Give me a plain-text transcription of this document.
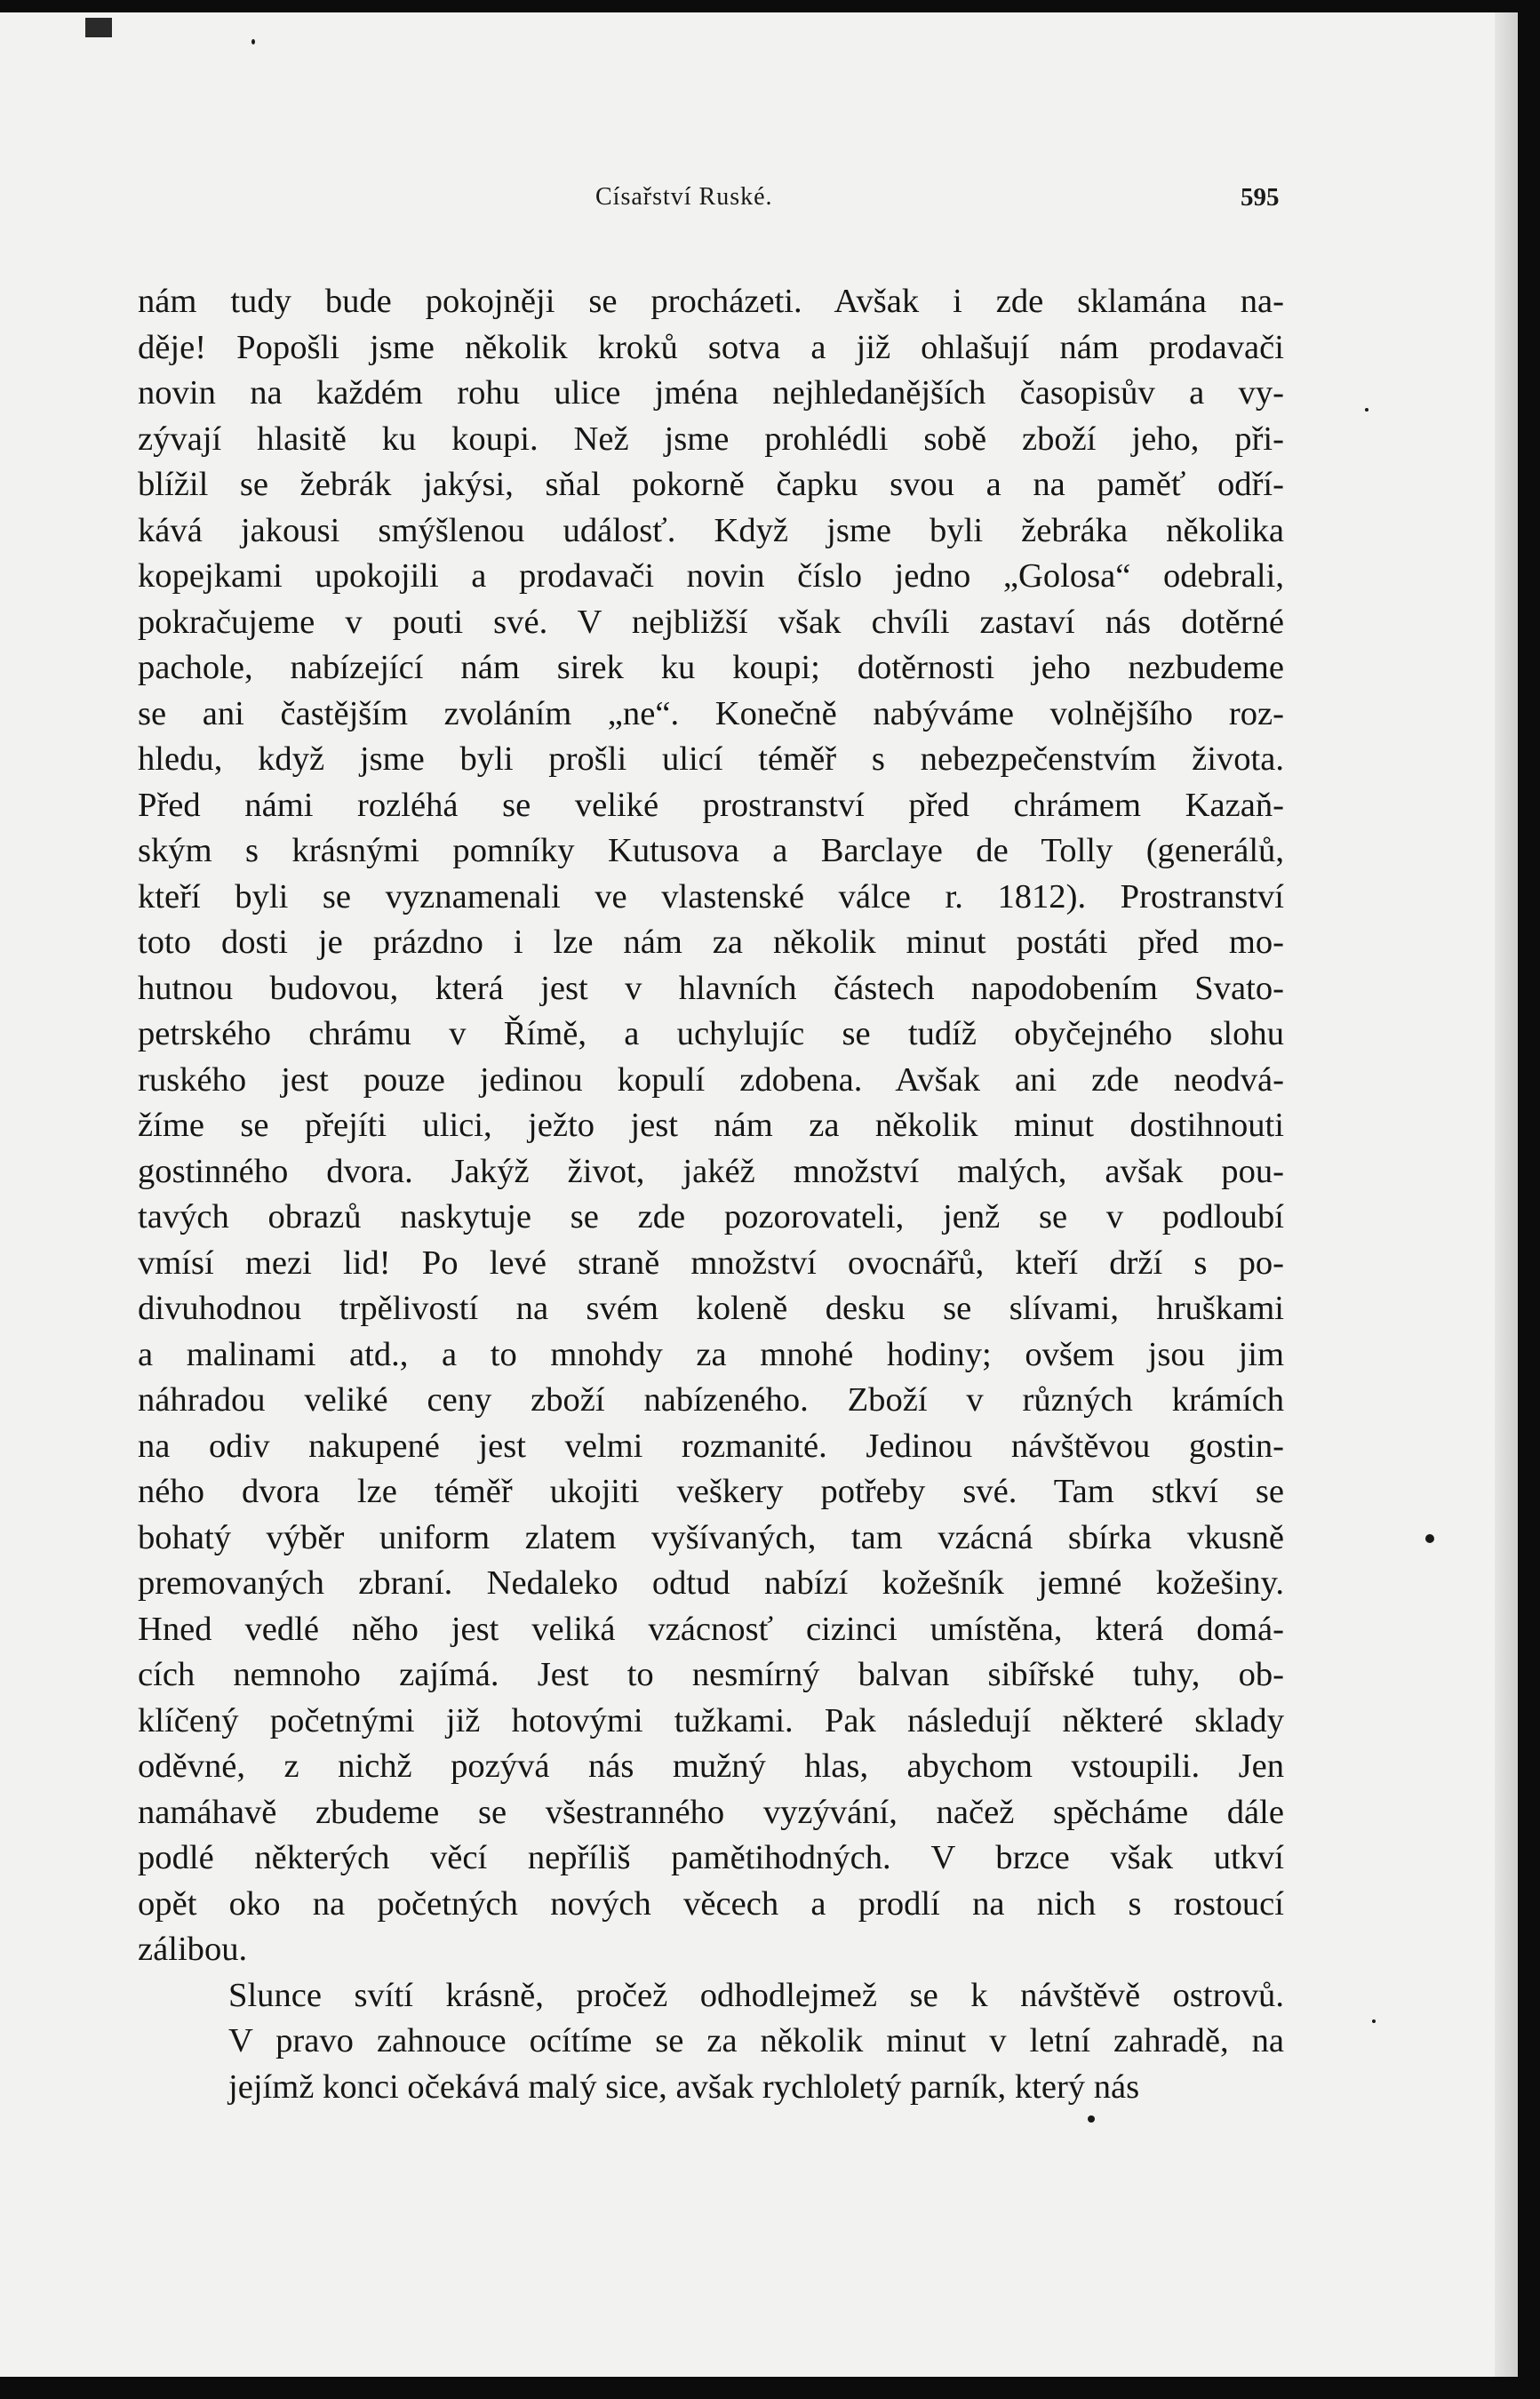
Císařství Ruské.	595

nám tudy bude pokojněji se procházeti. Avšak i zde sklamána na-
děje! Popošli jsme několik kroků sotva a již ohlašují nám prodavači
novin na každém rohu ulice jména nejhledanějších časopisův a vy-
zývají hlasitě ku koupi. Než jsme prohlédli sobě zboží jeho, při-
blížil se žebrák jakýsi, sňal pokorně čapku svou a na paměť odří-
kává jakousi smýšlenou událosť. Když jsme byli žebráka několika
kopejkami upokojili a prodavači novin číslo jedno „Golosa“ odebrali,
pokračujeme v pouti své. V nejbližší však chvíli zastaví nás dotěrné
pachole, nabízející nám sirek ku koupi; dotěrnosti jeho nezbudeme
se ani častějším zvoláním „ne“. Konečně nabýváme volnějšího roz-
hledu, když jsme byli prošli ulicí téměř s nebezpečenstvím života.
Před námi rozléhá se veliké prostranství před chrámem Kazaň-
ským s krásnými pomníky Kutusova a Barclaye de Tolly (generálů,
kteří byli se vyznamenali ve vlastenské válce r. 1812). Prostranství
toto dosti je prázdno i lze nám za několik minut postáti před mo-
hutnou budovou, která jest v hlavních částech napodobením Svato-
petrského chrámu v Římě, a uchylujíc se tudíž obyčejného slohu
ruského jest pouze jedinou kopulí zdobena. Avšak ani zde neodvá-
žíme se přejíti ulici, ježto jest nám za několik minut dostihnouti
gostinného dvora. Jakýž život, jakéž množství malých, avšak pou-
tavých obrazů naskytuje se zde pozorovateli, jenž se v podloubí
vmísí mezi lid! Po levé straně množství ovocnářů, kteří drží s po-
divuhodnou trpělivostí na svém koleně desku se slívami, hruškami
a malinami atd., a to mnohdy za mnohé hodiny; ovšem jsou jim
náhradou veliké ceny zboží nabízeného. Zboží v různých krámích
na odiv nakupené jest velmi rozmanité. Jedinou návštěvou gostin-
ného dvora lze téměř ukojiti veškery potřeby své. Tam stkví se
bohatý výběr uniform zlatem vyšívaných, tam vzácná sbírka vkusně
premovaných zbraní. Nedaleko odtud nabízí kožešník jemné kožešiny.
Hned vedlé něho jest veliká vzácnosť cizinci umístěna, která domá-
cích nemnoho zajímá. Jest to nesmírný balvan sibířské tuhy, ob-
klíčený početnými již hotovými tužkami. Pak následují některé sklady
oděvné, z nichž pozývá nás mužný hlas, abychom vstoupili. Jen
namáhavě zbudeme se všestranného vyzývání, načež spěcháme dále
podlé některých věcí nepříliš pamětihodných. V brzce však utkví
opět oko na početných nových věcech a prodlí na nich s rostoucí
zálibou.

Slunce svítí krásně, pročež odhodlejmež se k návštěvě ostrovů.
V pravo zahnouce ocítíme se za několik minut v letní zahradě, na
jejímž konci očekává malý sice, avšak rychloletý parník, který nás
